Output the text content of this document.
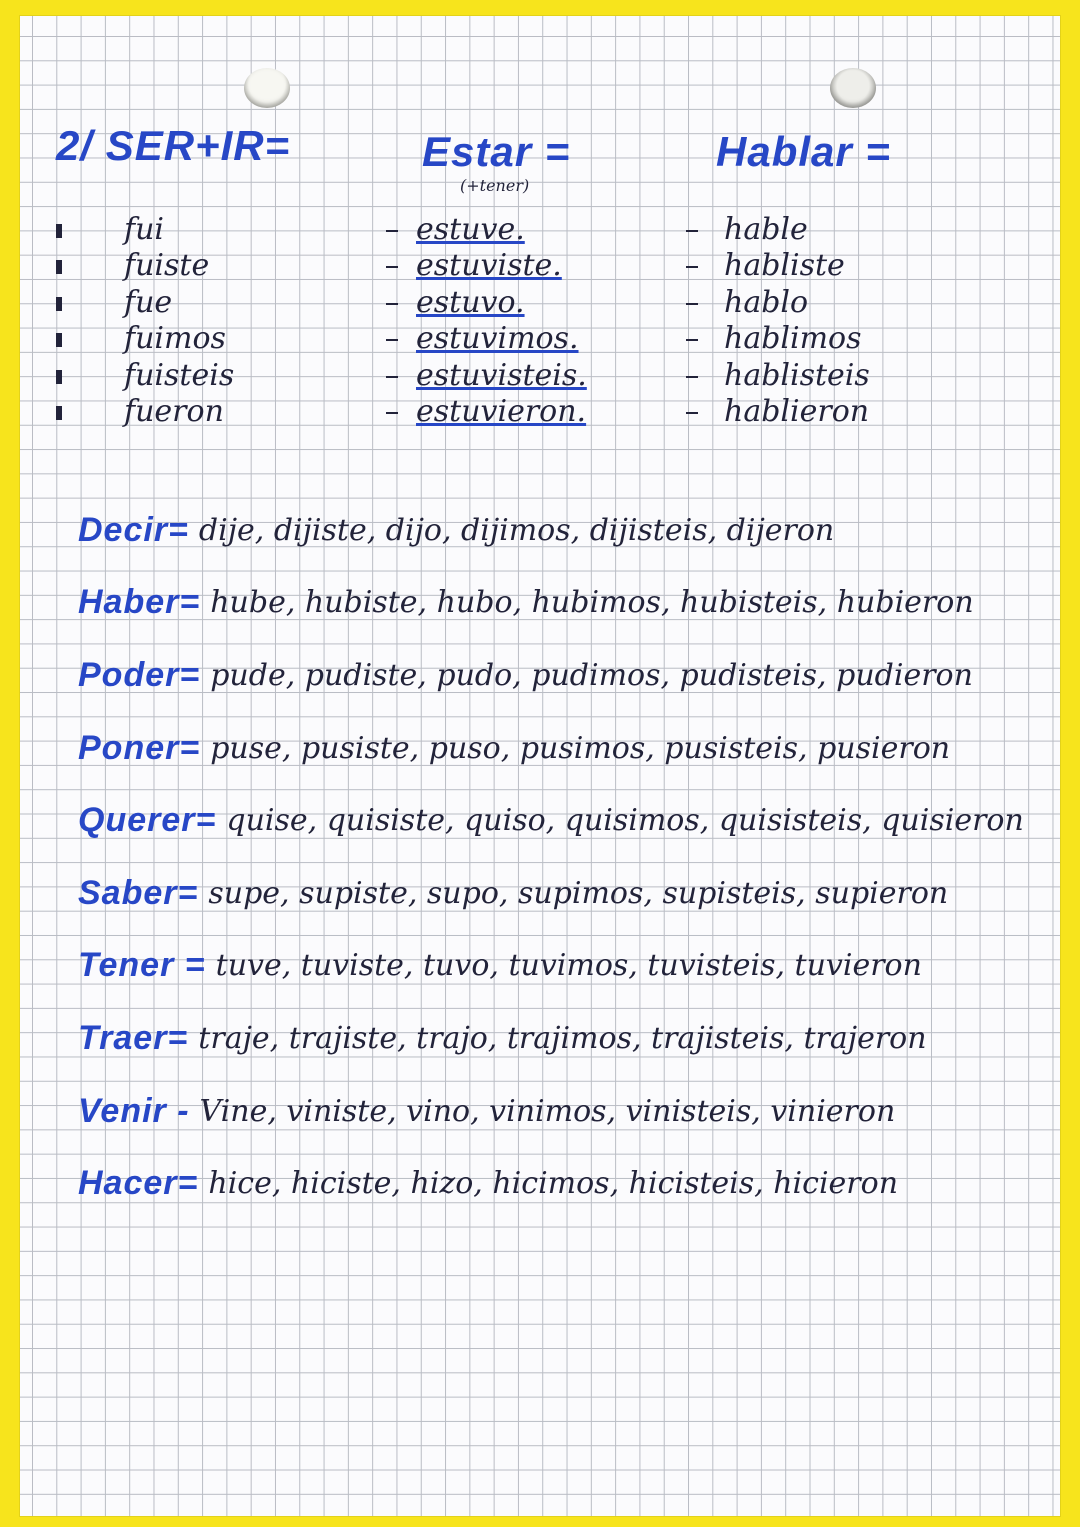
2/ SER+IR=	Estar =
(+tener)
Hablar =
fui
fuiste
fue
fuimos
fuisteis
fueron
estuve.
estuviste.
estuvo.
estuvimos.
estuvisteis.
estuvieron.
hable
habliste
hablo
hablimos
hablisteis
hablieron
Decir= dije, dijiste, dijo, dijimos, dijisteis, dijeron
Haber= hube, hubiste, hubo, hubimos, hubisteis, hubieron
Poder= pude, pudiste, pudo, pudimos, pudisteis, pudieron
Poner= puse, pusiste, puso, pusimos, pusisteis, pusieron
Querer= quise, quisiste, quiso, quisimos, quisisteis, quisieron
Saber= supe, supiste, supo, supimos, supisteis, supieron
Tener = tuve, tuviste, tuvo, tuvimos, tuvisteis, tuvieron
Traer= traje, trajiste, trajo, trajimos, trajisteis, trajeron
Venir - Vine, viniste, vino, vinimos, vinisteis, vinieron
Hacer= hice, hiciste, hizo, hicimos, hicisteis, hicieron
